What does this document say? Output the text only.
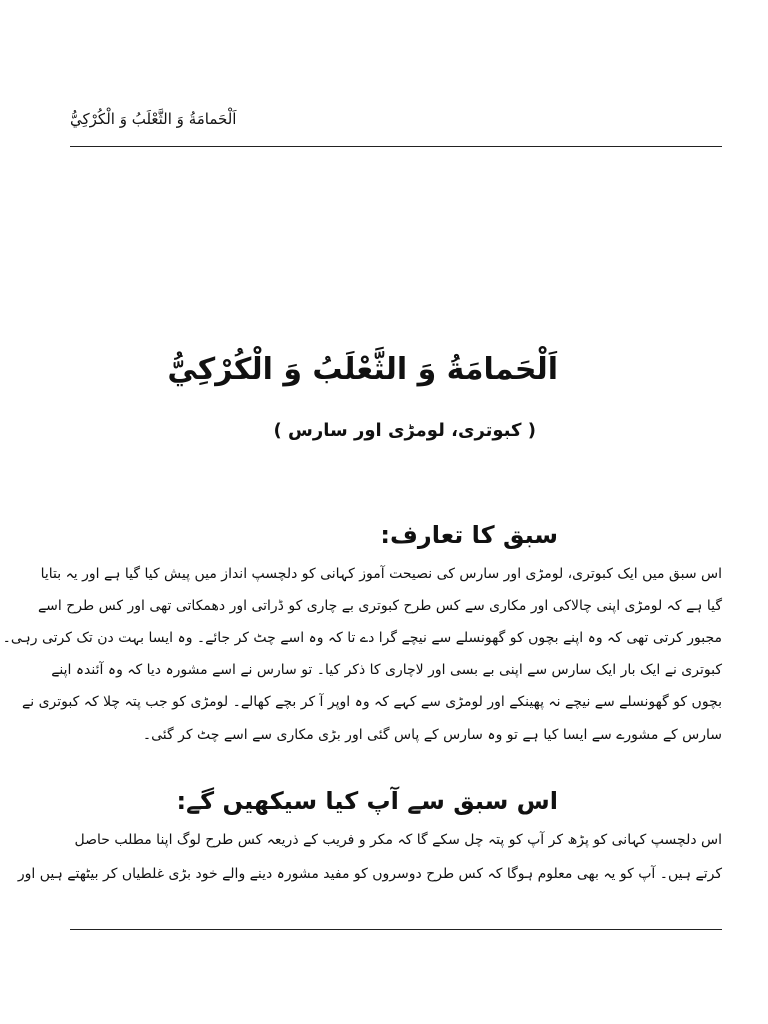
اَلْحَمامَةُ وَ الثَّعْلَبُ وَ الْكُرْكِيُّ
اَلْحَمامَةُ وَ الثَّعْلَبُ وَ الْكُرْكِيُّ
( کبوتری، لومڑی اور سارس )
سبق کا تعارف:
اس سبق میں ایک کبوتری، لومڑی اور سارس کی نصیحت آموز کہانی کو دلچسپ انداز میں پیش کیا گیا ہے اور یہ بتایا
گیا ہے کہ لومڑی اپنی چالاکی اور مکاری سے کس طرح کبوتری بے چاری کو ڈراتی اور دھمکاتی تھی اور کس طرح اسے
مجبور کرتی تھی کہ وہ اپنے بچوں کو گھونسلے سے نیچے گرا دے تا کہ وہ اسے چٹ کر جائے۔ وہ ایسا بہت دن تک کرتی رہی۔
کبوتری نے ایک بار ایک سارس سے اپنی بے بسی اور لاچاری کا ذکر کیا۔ تو سارس نے اسے مشورہ دیا کہ وہ آئندہ اپنے
بچوں کو گھونسلے سے نیچے نہ پھینکے اور لومڑی سے کہے کہ وہ اوپر آ کر بچے کھالے۔ لومڑی کو جب پتہ چلا کہ کبوتری نے
سارس کے مشورے سے ایسا کیا ہے تو وہ سارس کے پاس گئی اور بڑی مکاری سے اسے چٹ کر گئی۔
اس سبق سے آپ کیا سیکھیں گے:
اس دلچسپ کہانی کو پڑھ کر آپ کو پتہ چل سکے گا کہ مکر و فریب کے ذریعہ کس طرح لوگ اپنا مطلب حاصل
کرتے ہیں۔ آپ کو یہ بھی معلوم ہوگا کہ کس طرح دوسروں کو مفید مشورہ دینے والے خود بڑی غلطیاں کر بیٹھتے ہیں اور
